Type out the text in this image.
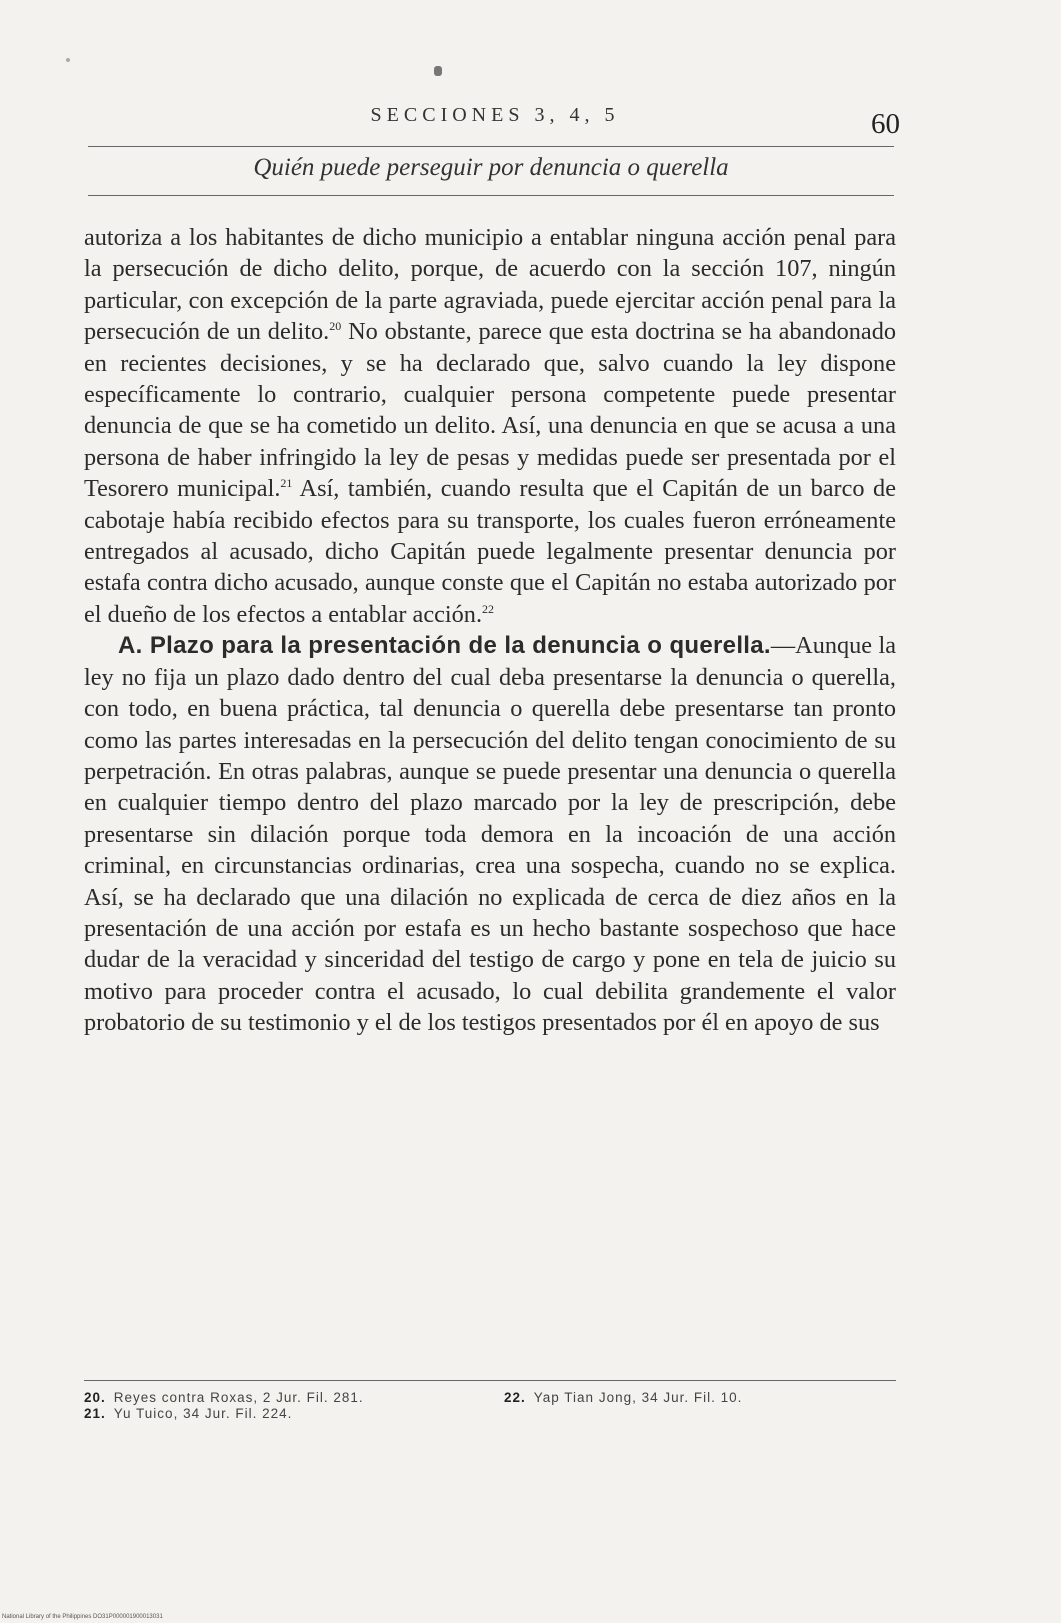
SECCIONES 3, 4, 5	60
Quién puede perseguir por denuncia o querella

autoriza a los habitantes de dicho municipio a entablar ninguna acción penal para la persecución de dicho delito, porque, de acuerdo con la sección 107, ningún particular, con excepción de la parte agraviada, puede ejercitar acción penal para la persecución de un delito.$^{20}$ No obstante, parece que esta doctrina se ha abandonado en recientes decisiones, y se ha declarado que, salvo cuando la ley dispone específicamente lo contrario, cualquier persona competente puede presentar denuncia de que se ha cometido un delito. Así, una denuncia en que se acusa a una persona de haber infringido la ley de pesas y medidas puede ser presentada por el Tesorero municipal.$^{21}$ Así, también, cuando resulta que el Capitán de un barco de cabotaje había recibido efectos para su transporte, los cuales fueron erróneamente entregados al acusado, dicho Capitán puede legalmente presentar denuncia por estafa contra dicho acusado, aunque conste que el Capitán no estaba autorizado por el dueño de los efectos a entablar acción.$^{22}$

A. Plazo para la presentación de la denuncia o querella.—Aunque la ley no fija un plazo dado dentro del cual deba presentarse la denuncia o querella, con todo, en buena práctica, tal denuncia o querella debe presentarse tan pronto como las partes interesadas en la persecución del delito tengan conocimiento de su perpetración. En otras palabras, aunque se puede presentar una denuncia o querella en cualquier tiempo dentro del plazo marcado por la ley de prescripción, debe presentarse sin dilación porque toda demora en la incoación de una acción criminal, en circunstancias ordinarias, crea una sospecha, cuando no se explica. Así, se ha declarado que una dilación no explicada de cerca de diez años en la presentación de una acción por estafa es un hecho bastante sospechoso que hace dudar de la veracidad y sinceridad del testigo de cargo y pone en tela de juicio su motivo para proceder contra el acusado, lo cual debilita grandemente el valor probatorio de su testimonio y el de los testigos presentados por él en apoyo de sus

20. Reyes contra Roxas, 2 Jur. Fil. 281.	22. Yap Tian Jong, 34 Jur. Fil. 10.
21. Yu Tuico, 34 Jur. Fil. 224.
National Library of the Philippines DO31P000001900013031
